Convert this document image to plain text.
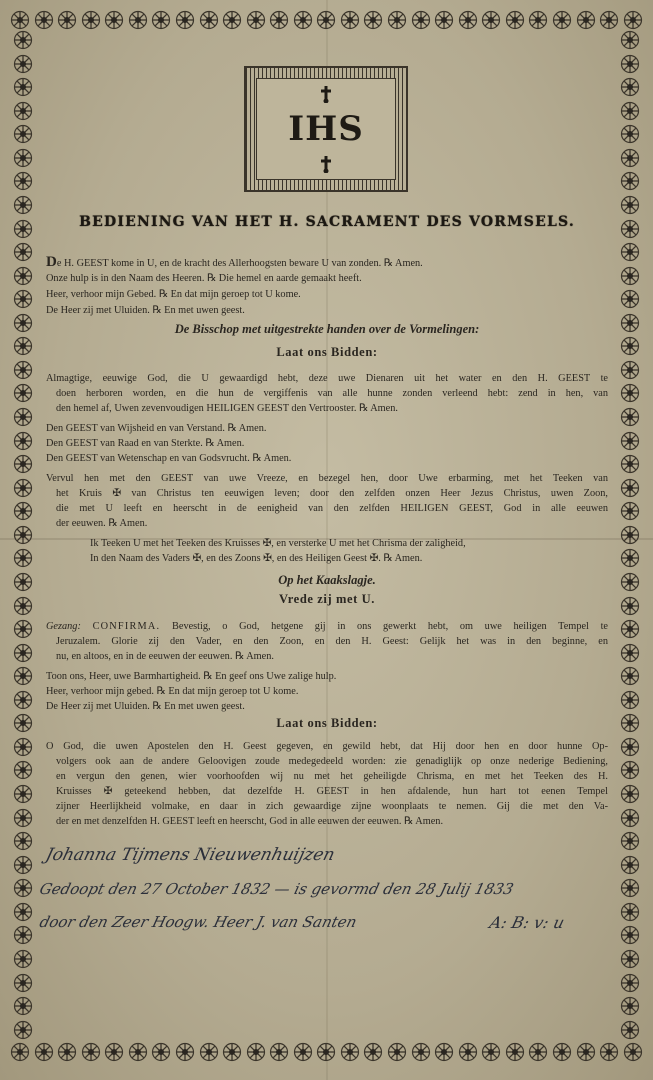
IHS
BEDIENING VAN HET H. SACRAMENT DES VORMSELS.
De H. GEEST kome in U, en de kracht des Allerhoogsten beware U van zonden. ℞ Amen.
Onze hulp is in den Naam des Heeren. ℞ Die hemel en aarde gemaakt heeft.
Heer, verhoor mijn Gebed. ℞ En dat mijn geroep tot U kome.
De Heer zij met Uluiden. ℞ En met uwen geest.
De Bisschop met uitgestrekte handen over de Vormelingen:
Laat ons Bidden:
Almagtige, eeuwige God, die U gewaardigd hebt, deze uwe Dienaren uit het water en den H. GEEST te
doen herboren worden, en die hun de vergiffenis van alle hunne zonden verleend hebt: zend in hen, van
den hemel af, Uwen zevenvoudigen HEILIGEN GEEST den Vertrooster. ℞ Amen.
Den GEEST van Wijsheid en van Verstand. ℞ Amen.
Den GEEST van Raad en van Sterkte. ℞ Amen.
Den GEEST van Wetenschap en van Godsvrucht. ℞ Amen.
Vervul hen met den GEEST van uwe Vreeze, en bezegel hen, door Uwe erbarming, met het Teeken van
het Kruis ✠ van Christus ten eeuwigen leven; door den zelfden onzen Heer Jezus Christus, uwen Zoon,
die met U leeft en heerscht in de eenigheid van den zelfden HEILIGEN GEEST, God in alle eeuwen
der eeuwen. ℞ Amen.
Ik Teeken U met het Teeken des Kruisses ✠, en versterke U met het Chrisma der zaligheid,
In den Naam des Vaders ✠, en des Zoons ✠, en des Heiligen Geest ✠. ℞ Amen.
Op het Kaakslagje.
Vrede zij met U.
Gezang: CONFIRMA. Bevestig, o God, hetgene gij in ons gewerkt hebt, om uwe heiligen Tempel te
Jeruzalem. Glorie zij den Vader, en den Zoon, en den H. Geest: Gelijk het was in den beginne, en
nu, en altoos, en in de eeuwen der eeuwen. ℞ Amen.
Toon ons, Heer, uwe Barmhartigheid. ℞ En geef ons Uwe zalige hulp.
Heer, verhoor mijn gebed. ℞ En dat mijn geroep tot U kome.
De Heer zij met Uluiden. ℞ En met uwen geest.
Laat ons Bidden:
O God, die uwen Apostelen den H. Geest gegeven, en gewild hebt, dat Hij door hen en door hunne Op-
volgers ook aan de andere Geloovigen zoude medegedeeld worden: zie genadiglijk op onze nederige Bediening,
en vergun den genen, wier voorhoofden wij nu met het geheiligde Chrisma, en met het Teeken des H.
Kruisses ✠ geteekend hebben, dat dezelfde H. GEEST in hen afdalende, hun hart tot eenen Tempel
zijner Heerlijkheid volmake, en daar in zich gewaardige zijne woonplaats te nemen. Gij die met den Va-
der en met denzelfden H. GEEST leeft en heerscht, God in alle eeuwen der eeuwen. ℞ Amen.
Johanna Tijmens Nieuwenhuijzen
Gedoopt den 27 October 1832 — is gevormd den 28 Julij 1833
door den Zeer Hoogw. Heer J. van Santen	A: B: v: u
